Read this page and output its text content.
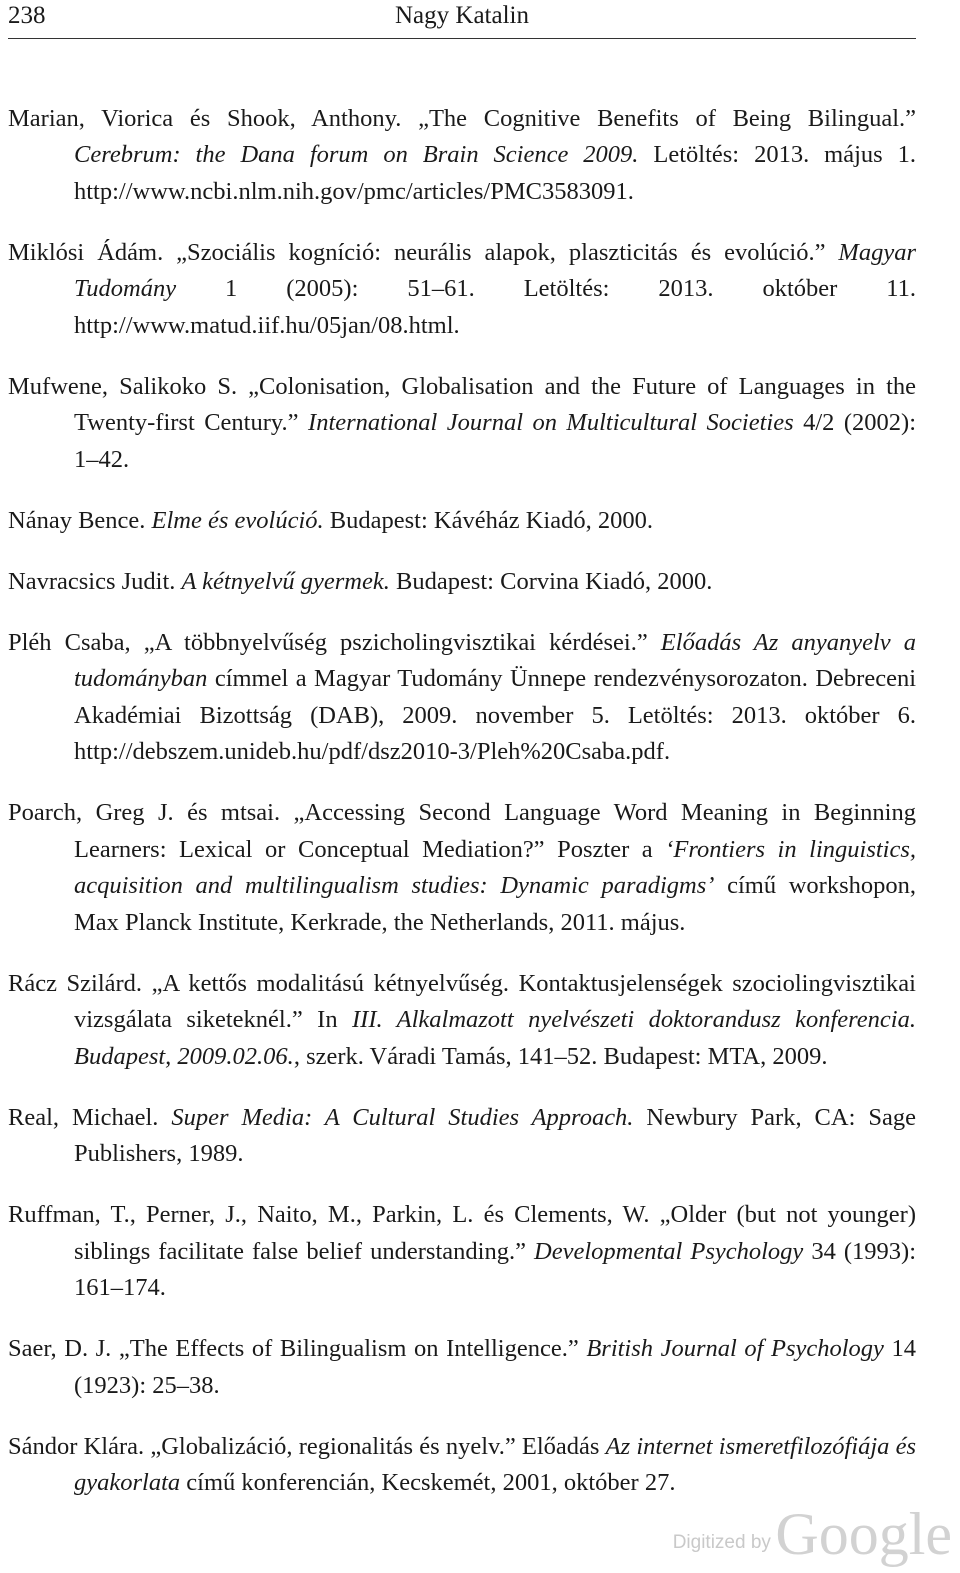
238	Nagy Katalin

Marian, Viorica és Shook, Anthony. „The Cognitive Benefits of Being Bilingual.” Cerebrum: the Dana forum on Brain Science 2009. Letöltés: 2013. május 1. http://www.ncbi.nlm.nih.gov/pmc/articles/PMC3583091.

Miklósi Ádám. „Szociális kogníció: neurális alapok, plaszticitás és evolúció.” Magyar Tudomány 1 (2005): 51–61. Letöltés: 2013. október 11. http://www.matud.iif.hu/05jan/08.html.

Mufwene, Salikoko S. „Colonisation, Globalisation and the Future of Languages in the Twenty-first Century.” International Journal on Multicultural Societies 4/2 (2002): 1–42.

Nánay Bence. Elme és evolúció. Budapest: Kávéház Kiadó, 2000.

Navracsics Judit. A kétnyelvű gyermek. Budapest: Corvina Kiadó, 2000.

Pléh Csaba, „A többnyelvűség pszicholingvisztikai kérdései.” Előadás Az anyanyelv a tudományban címmel a Magyar Tudomány Ünnepe rendezvénysorozaton. Debreceni Akadémiai Bizottság (DAB), 2009. november 5. Letöltés: 2013. október 6. http://debszem.unideb.hu/pdf/dsz2010-3/Pleh%20Csaba.pdf.

Poarch, Greg J. és mtsai. „Accessing Second Language Word Meaning in Beginning Learners: Lexical or Conceptual Mediation?” Poszter a ‘Frontiers in linguistics, acquisition and multilingualism studies: Dynamic paradigms’ című workshopon, Max Planck Institute, Kerkrade, the Netherlands, 2011. május.

Rácz Szilárd. „A kettős modalitású kétnyelvűség. Kontaktusjelenségek szociolingvisztikai vizsgálata siketeknél.” In III. Alkalmazott nyelvészeti doktorandusz konferencia. Budapest, 2009.02.06., szerk. Váradi Tamás, 141–52. Budapest: MTA, 2009.

Real, Michael. Super Media: A Cultural Studies Approach. Newbury Park, CA: Sage Publishers, 1989.

Ruffman, T., Perner, J., Naito, M., Parkin, L. és Clements, W. „Older (but not younger) siblings facilitate false belief understanding.” Developmental Psychology 34 (1993): 161–174.

Saer, D. J. „The Effects of Bilingualism on Intelligence.” British Journal of Psychology 14 (1923): 25–38.

Sándor Klára. „Globalizáció, regionalitás és nyelv.” Előadás Az internet ismeretfilozófiája és gyakorlata című konferencián, Kecskemét, 2001, október 27.

Digitized by Google
